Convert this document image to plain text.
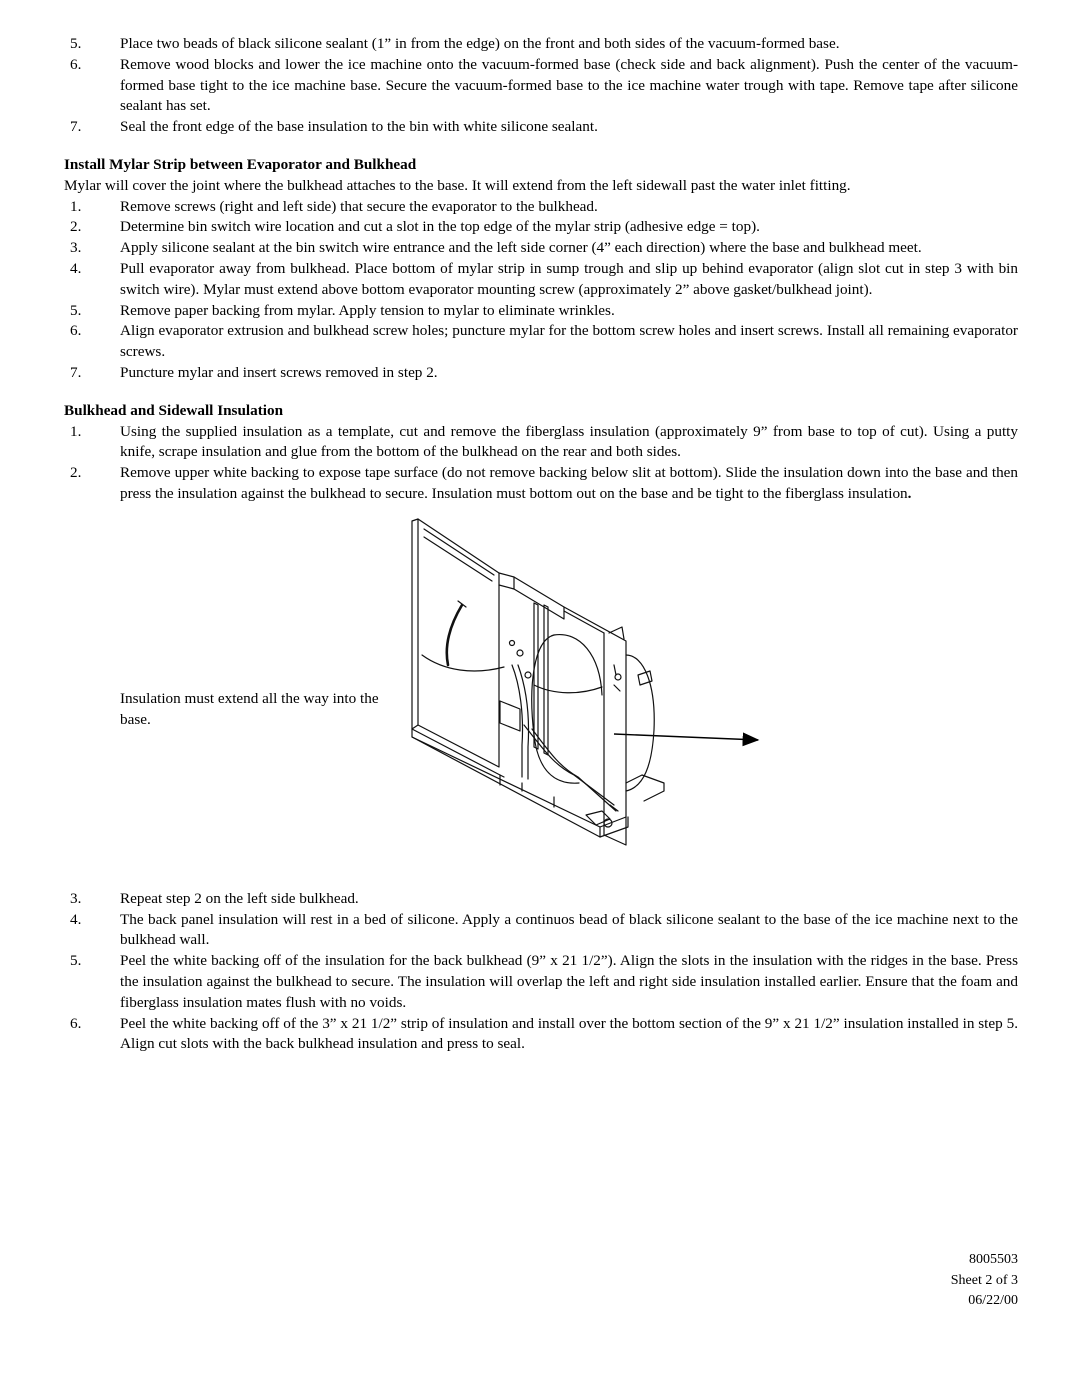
5.	Place two beads of black silicone sealant (1” in from the edge) on the front and both sides of the vacuum-formed base.
6.	Remove wood blocks and lower the ice machine onto the vacuum-formed base (check side and back alignment). Push the center of the vacuum-formed base tight to the ice machine base. Secure the vacuum-formed base to the ice machine water trough with tape. Remove tape after silicone sealant has set.
7.	Seal the front edge of the base insulation to the bin with white silicone sealant.
Install Mylar Strip between Evaporator and Bulkhead
Mylar will cover the joint where the bulkhead attaches to the base. It will extend from the left sidewall past the water inlet fitting.
1.	Remove screws (right and left side) that secure the evaporator to the bulkhead.
2.	Determine bin switch wire location and cut a slot in the top edge of the mylar strip (adhesive edge = top).
3.	Apply silicone sealant at the bin switch wire entrance and the left side corner (4” each direction) where the base and bulkhead meet.
4.	Pull evaporator away from bulkhead. Place bottom of mylar strip in sump trough and slip up behind evaporator (align slot cut in step 3 with bin switch wire). Mylar must extend above bottom evaporator mounting screw (approximately 2” above gasket/bulkhead joint).
5.	Remove paper backing from mylar. Apply tension to mylar to eliminate wrinkles.
6.	Align evaporator extrusion and bulkhead screw holes; puncture mylar for the bottom screw holes and insert screws. Install all remaining evaporator screws.
7.	Puncture mylar and insert screws removed in step 2.
Bulkhead and Sidewall Insulation
1.	Using the supplied insulation as a template, cut and remove the fiberglass insulation (approximately 9” from base to top of cut). Using a putty knife, scrape insulation and glue from the bottom of the bulkhead on the rear and both sides.
2.	Remove upper white backing to expose tape surface (do not remove backing below slit at bottom). Slide the insulation down into the base and then press the insulation against the bulkhead to secure. Insulation must bottom out on the base and be tight to the fiberglass insulation.
Insulation must extend all the way into the base.
3.	Repeat step 2 on the left side bulkhead.
4.	The back panel insulation will rest in a bed of silicone. Apply a continuos bead of black silicone sealant to the base of the ice machine next to the bulkhead wall.
5.	Peel the white backing off of the insulation for the back bulkhead (9” x 21 1/2”). Align the slots in the insulation with the ridges in the base. Press the insulation against the bulkhead to secure. The insulation will overlap the left and right side insulation installed earlier. Ensure that the foam and fiberglass insulation mates flush with no voids.
6.	Peel the white backing off of the 3” x 21 1/2” strip of insulation and install over the bottom section of the 9” x 21 1/2” insulation installed in step 5. Align cut slots with the back bulkhead insulation and press to seal.
8005503
Sheet 2 of 3
06/22/00
